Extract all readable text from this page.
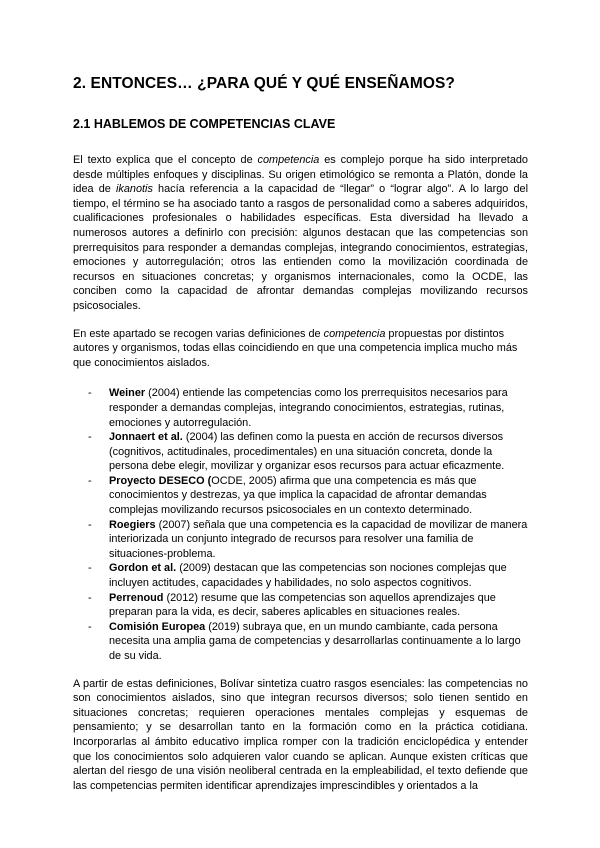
2. ENTONCES… ¿PARA QUÉ Y QUÉ ENSEÑAMOS?
2.1 HABLEMOS DE COMPETENCIAS CLAVE

El texto explica que el concepto de competencia es complejo porque ha sido interpretado desde múltiples enfoques y disciplinas. Su origen etimológico se remonta a Platón, donde la idea de ikanotis hacía referencia a la capacidad de “llegar” o “lograr algo”. A lo largo del tiempo, el término se ha asociado tanto a rasgos de personalidad como a saberes adquiridos, cualificaciones profesionales o habilidades específicas. Esta diversidad ha llevado a numerosos autores a definirlo con precisión: algunos destacan que las competencias son prerrequisitos para responder a demandas complejas, integrando conocimientos, estrategias, emociones y autorregulación; otros las entienden como la movilización coordinada de recursos en situaciones concretas; y organismos internacionales, como la OCDE, las conciben como la capacidad de afrontar demandas complejas movilizando recursos psicosociales.

En este apartado se recogen varias definiciones de competencia propuestas por distintos autores y organismos, todas ellas coincidiendo en que una competencia implica mucho más que conocimientos aislados.

- Weiner (2004) entiende las competencias como los prerrequisitos necesarios para responder a demandas complejas, integrando conocimientos, estrategias, rutinas, emociones y autorregulación.
- Jonnaert et al. (2004) las definen como la puesta en acción de recursos diversos (cognitivos, actitudinales, procedimentales) en una situación concreta, donde la persona debe elegir, movilizar y organizar esos recursos para actuar eficazmente.
- Proyecto DESECO (OCDE, 2005) afirma que una competencia es más que conocimientos y destrezas, ya que implica la capacidad de afrontar demandas complejas movilizando recursos psicosociales en un contexto determinado.
- Roegiers (2007) señala que una competencia es la capacidad de movilizar de manera interiorizada un conjunto integrado de recursos para resolver una familia de situaciones-problema.
- Gordon et al. (2009) destacan que las competencias son nociones complejas que incluyen actitudes, capacidades y habilidades, no solo aspectos cognitivos.
- Perrenoud (2012) resume que las competencias son aquellos aprendizajes que preparan para la vida, es decir, saberes aplicables en situaciones reales.
- Comisión Europea (2019) subraya que, en un mundo cambiante, cada persona necesita una amplia gama de competencias y desarrollarlas continuamente a lo largo de su vida.

A partir de estas definiciones, Bolívar sintetiza cuatro rasgos esenciales: las competencias no son conocimientos aislados, sino que integran recursos diversos; solo tienen sentido en situaciones concretas; requieren operaciones mentales complejas y esquemas de pensamiento; y se desarrollan tanto en la formación como en la práctica cotidiana. Incorporarlas al ámbito educativo implica romper con la tradición enciclopédica y entender que los conocimientos solo adquieren valor cuando se aplican. Aunque existen críticas que alertan del riesgo de una visión neoliberal centrada en la empleabilidad, el texto defiende que las competencias permiten identificar aprendizajes imprescindibles y orientados a la
